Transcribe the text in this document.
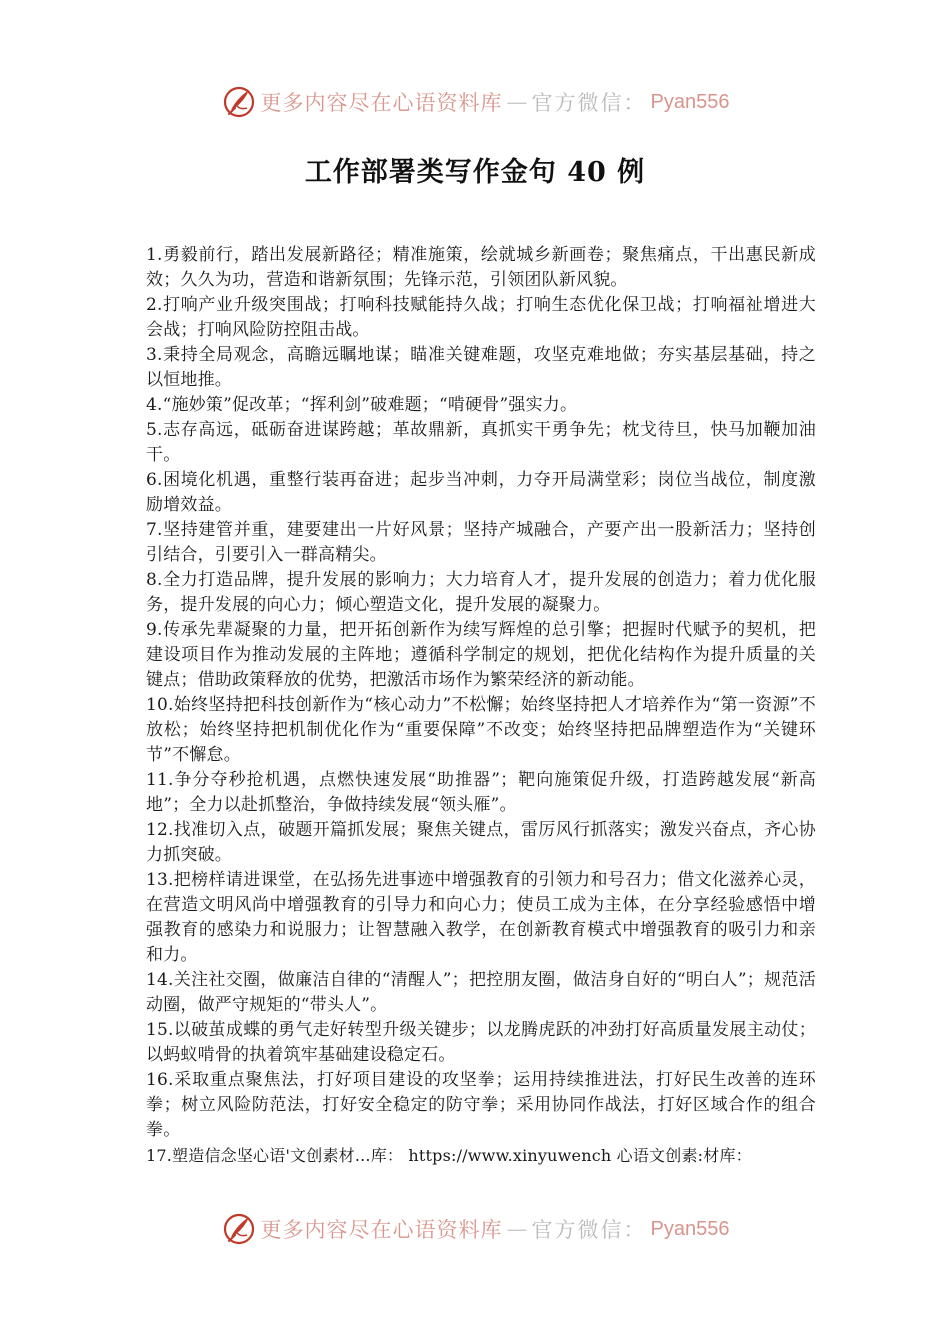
更多内容尽在心语资料库 — 官方微信： Pyan556
工作部署类写作金句 40 例

1.勇毅前行，踏出发展新路径；精准施策，绘就城乡新画卷；聚焦痛点，干出惠民新成效；久久为功，营造和谐新氛围；先锋示范，引领团队新风貌。

2.打响产业升级突围战；打响科技赋能持久战；打响生态优化保卫战；打响福祉增进大会战；打响风险防控阻击战。

3.秉持全局观念，高瞻远瞩地谋；瞄准关键难题，攻坚克难地做；夯实基层基础，持之以恒地推。

4.“施妙策”促改革；“挥利剑”破难题；“啃硬骨”强实力。

5.志存高远，砥砺奋进谋跨越；革故鼎新，真抓实干勇争先；枕戈待旦，快马加鞭加油干。

6.困境化机遇，重整行装再奋进；起步当冲刺，力夺开局满堂彩；岗位当战位，制度激励增效益。

7.坚持建管并重，建要建出一片好风景；坚持产城融合，产要产出一股新活力；坚持创引结合，引要引入一群高精尖。

8.全力打造品牌，提升发展的影响力；大力培育人才，提升发展的创造力；着力优化服务，提升发展的向心力；倾心塑造文化，提升发展的凝聚力。

9.传承先辈凝聚的力量，把开拓创新作为续写辉煌的总引擎；把握时代赋予的契机，把建设项目作为推动发展的主阵地；遵循科学制定的规划，把优化结构作为提升质量的关键点；借助政策释放的优势，把激活市场作为繁荣经济的新动能。

10.始终坚持把科技创新作为“核心动力”不松懈；始终坚持把人才培养作为“第一资源”不放松；始终坚持把机制优化作为“重要保障”不改变；始终坚持把品牌塑造作为“关键环节”不懈怠。

11.争分夺秒抢机遇，点燃快速发展“助推器”；靶向施策促升级，打造跨越发展“新高地”；全力以赴抓整治，争做持续发展“领头雁”。

12.找准切入点，破题开篇抓发展；聚焦关键点，雷厉风行抓落实；激发兴奋点，齐心协力抓突破。

13.把榜样请进课堂，在弘扬先进事迹中增强教育的引领力和号召力；借文化滋养心灵，在营造文明风尚中增强教育的引导力和向心力；使员工成为主体，在分享经验感悟中增强教育的感染力和说服力；让智慧融入教学，在创新教育模式中增强教育的吸引力和亲和力。

14.关注社交圈，做廉洁自律的“清醒人”；把控朋友圈，做洁身自好的“明白人”；规范活动圈，做严守规矩的“带头人”。

15.以破茧成蝶的勇气走好转型升级关键步；以龙腾虎跃的冲劲打好高质量发展主动仗；以蚂蚁啃骨的执着筑牢基础建设稳定石。

16.采取重点聚焦法，打好项目建设的攻坚拳；运用持续推进法，打好民生改善的连环拳；树立风险防范法，打好安全稳定的防守拳；采用协同作战法，打好区域合作的组合拳。

17.塑造信念坚心语'文创素材...库： https://www.xinyuwench 心语文创素:材库：

更多内容尽在心语资料库 — 官方微信： Pyan556
